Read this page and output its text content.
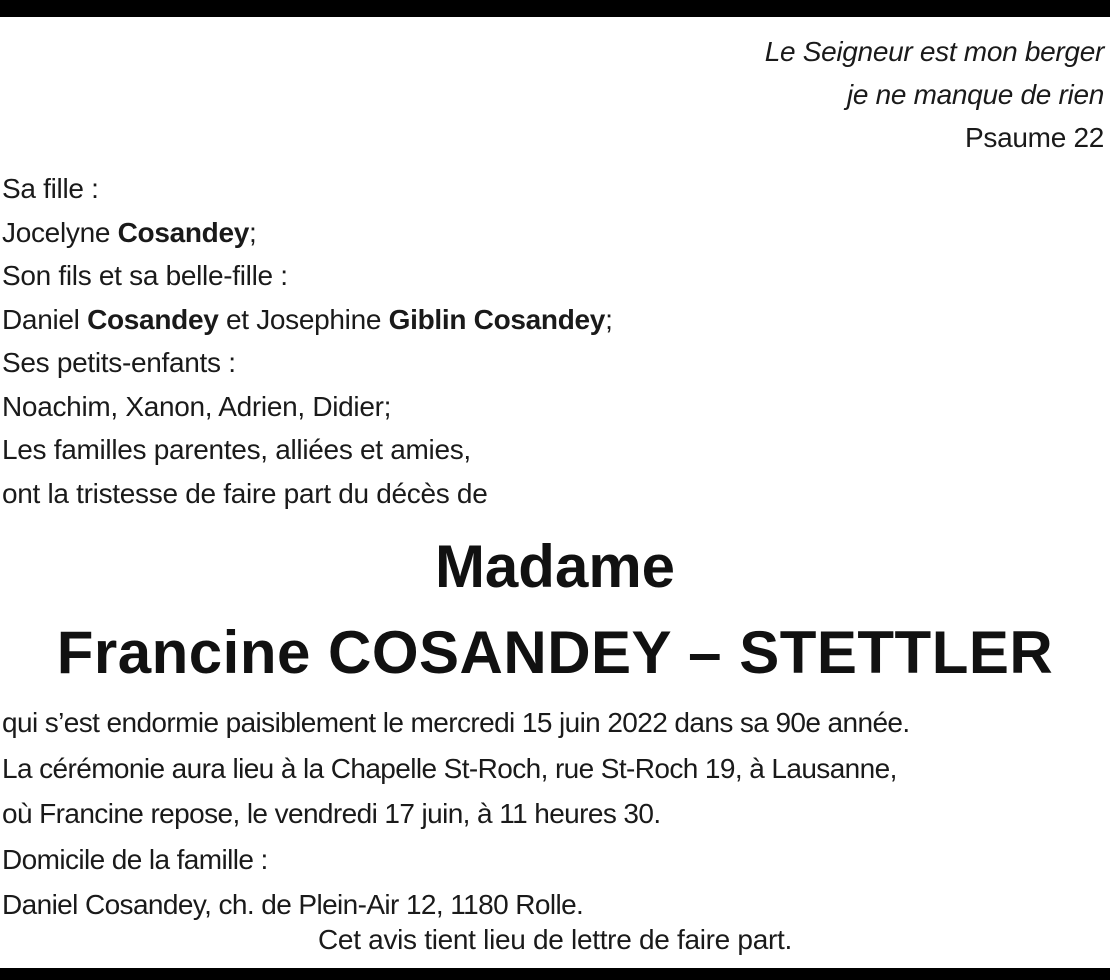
Le Seigneur est mon berger
je ne manque de rien
Psaume 22
Sa fille :
Jocelyne Cosandey;
Son fils et sa belle-fille :
Daniel Cosandey et Josephine Giblin Cosandey;
Ses petits-enfants :
Noachim, Xanon, Adrien, Didier;
Les familles parentes, alliées et amies,
ont la tristesse de faire part du décès de
Madame
Francine COSANDEY – STETTLER
qui s’est endormie paisiblement le mercredi 15 juin 2022 dans sa 90e année.
La cérémonie aura lieu à la Chapelle St-Roch, rue St-Roch 19, à Lausanne,
où Francine repose, le vendredi 17 juin, à 11 heures 30.
Domicile de la famille :
Daniel Cosandey, ch. de Plein-Air 12, 1180 Rolle.
Cet avis tient lieu de lettre de faire part.
